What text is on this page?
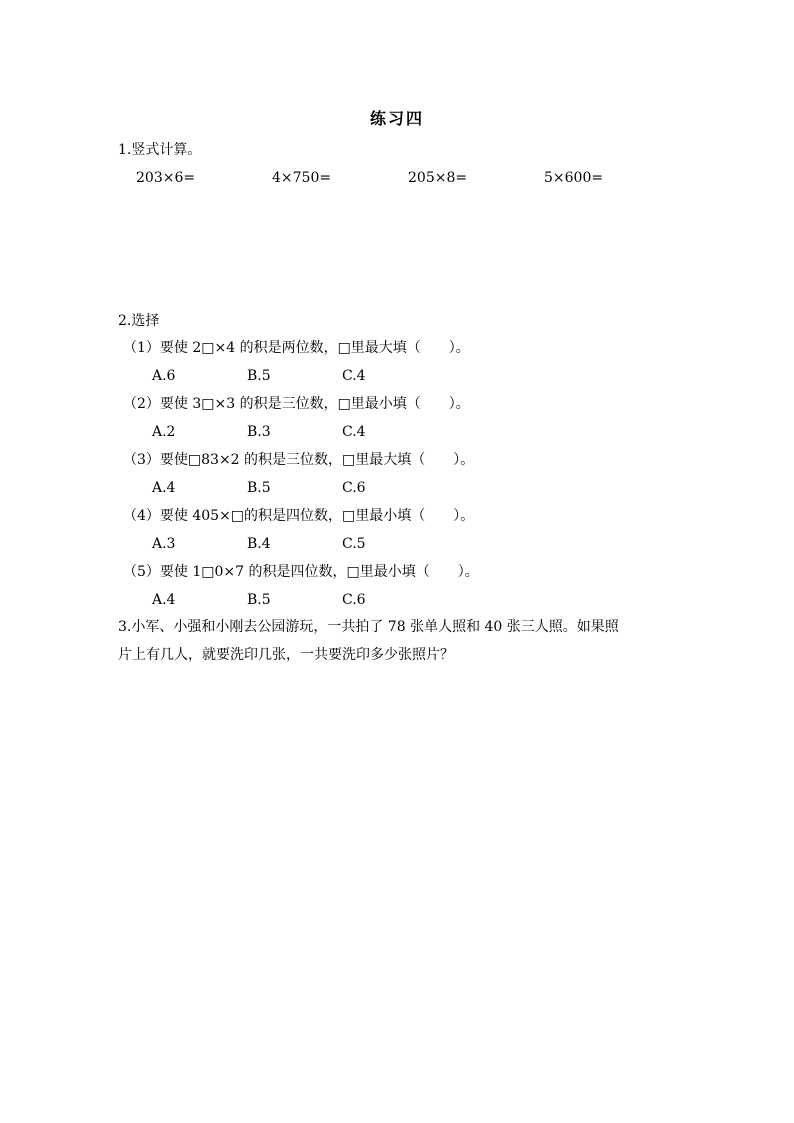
练习四
1.竖式计算。
203×6=	4×750=	205×8=	5×600=
2.选择
（1）要使 2□×4 的积是两位数，□里最大填（　　）。
A.6	B.5	C.4
（2）要使 3□×3 的积是三位数，□里最小填（　　）。
A.2	B.3	C.4
（3）要使□83×2 的积是三位数，□里最大填（　　）。
A.4	B.5	C.6
（4）要使 405×□的积是四位数，□里最小填（　　）。
A.3	B.4	C.5
（5）要使 1□0×7 的积是四位数，□里最小填（　　）。
A.4	B.5	C.6
3.小军、小强和小刚去公园游玩，一共拍了 78 张单人照和 40 张三人照。如果照
片上有几人，就要洗印几张，一共要洗印多少张照片？
